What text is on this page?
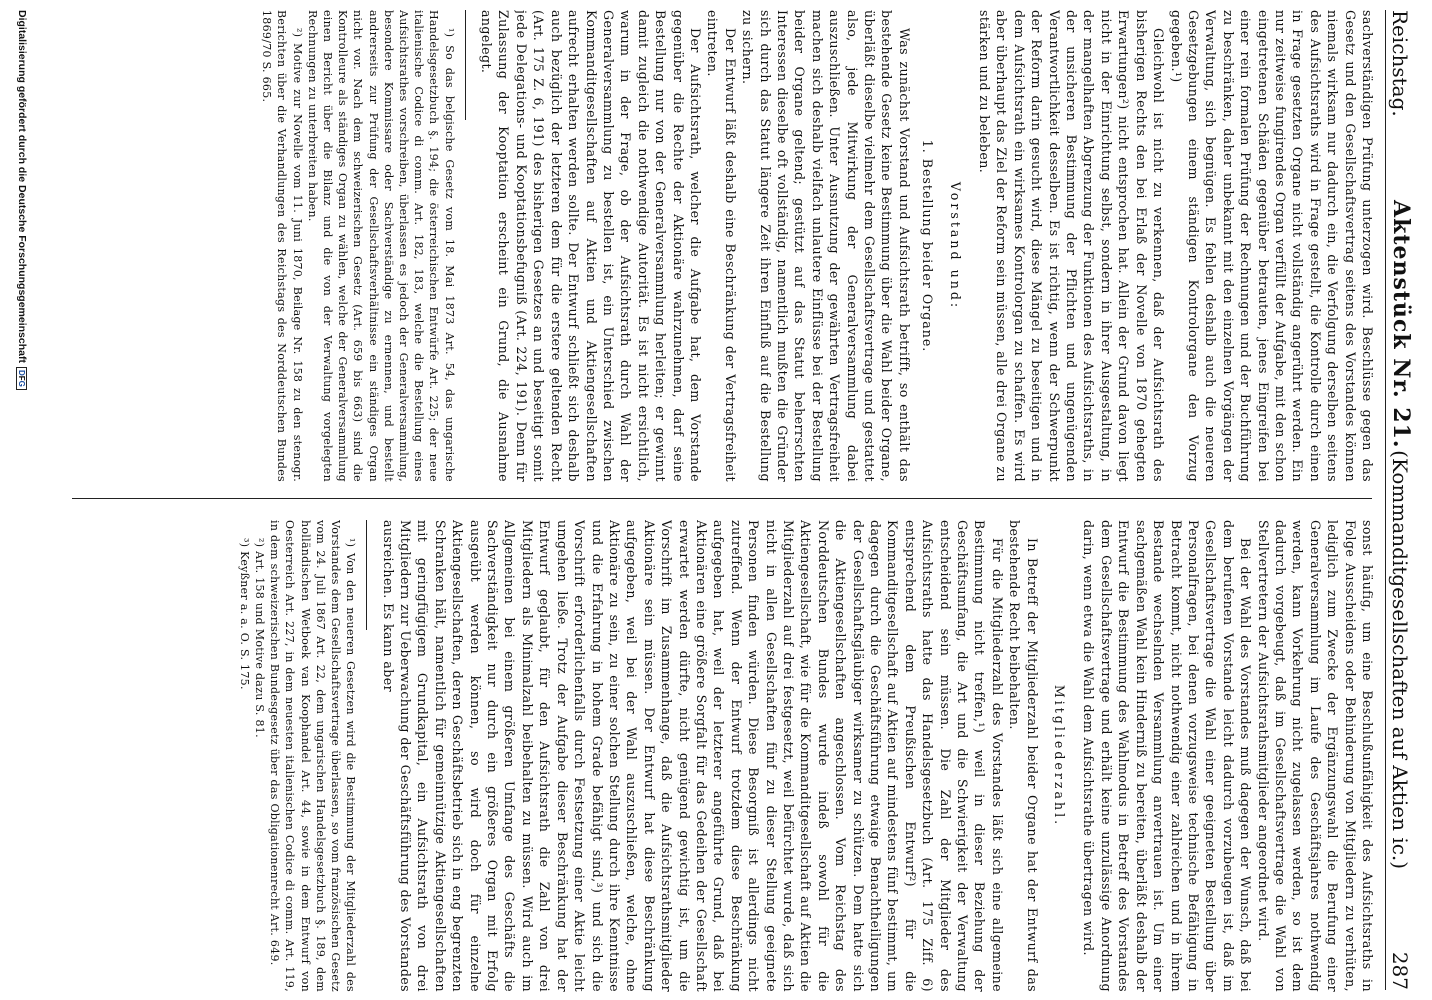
Reichstag.
Aktenstück Nr. 21.
(Kommanditgesellschaften auf Aktien ic.)  287

sachverständigen Prüfung unterzogen wird. Beschlüsse gegen das Gesetz und den Gesellschaftsvertrag seitens des Vorstandes können niemals wirksam nur dadurch ein, die Verfolgung derselben seitens des Aufsichtsraths wird in Frage gestellt, die Kontrolle durch einen in Frage gesetzten Organe nicht vollständig angerührt werden. Ein nur zeitweise fungirendes Organ verfüllt der Aufgabe, mit den schon eingetretenen Schäden gegenüber betrauten, jenes Eingreifen bei einer rein formalen Prüfung der Rechnungen und der Buchführung zu beschränken, daher unbekannt mit den einzelnen Vorgängen der Verwaltung, sich begnügen. Es fehlen deshalb auch die neueren Gesetzgebungen einem ständigen Kontrolorgane den Vorzug gegeben.¹)

Gleichwohl ist nicht zu verkennen, daß der Aufsichtsrath des bisherigen Rechts den bei Erlaß der Novelle von 1870 gehegten Erwartungen²) nicht entsprochen hat. Allein der Grund davon liegt nicht in der Einrichtung selbst, sondern in ihrer Ausgestaltung, in der mangelhaften Abgrenzung der Funktionen des Aufsichtsraths, in der unsicheren Bestimmung der Pflichten und ungenügenden Verantwortlichkeit desselben. Es ist richtig, wenn der Schwerpunkt der Reform darin gesucht wird, diese Mängel zu beseitigen und in dem Aufsichtsrath ein wirksames Kontrolorgan zu schaffen. Es wird aber überhaupt das Ziel der Reform sein müssen, alle drei Organe zu stärken und zu beleben.

Vorstand und:

1. Bestellung beider Organe.

Was zunächst Vorstand und Aufsichtsrath betrifft, so enthält das bestehende Gesetz keine Bestimmung über die Wahl beider Organe, überläßt dieselbe vielmehr dem Gesellschaftsvertrage und gestattet also, jede Mitwirkung der Generalversammlung dabei auszuschließen. Unter Ausnutzung der gewährten Vertragsfreiheit machen sich deshalb vielfach unlautere Einflüsse bei der Bestellung beider Organe geltend; gestützt auf das Statut beherrschten Interessen dieselbe oft vollständig, namentlich mußten die Gründer sich durch das Statut längere Zeit ihren Einfluß auf die Bestellung zu sichern.

Der Entwurf läßt deshalb eine Beschränkung der Vertragsfreiheit eintreten.

Der Aufsichtsrath, welcher die Aufgabe hat, dem Vorstande gegenüber die Rechte der Aktionäre wahrzunehmen, darf seine Bestellung nur von der Generalversammlung herleiten; er gewinnt damit zugleich die nothwendige Autorität. Es ist nicht ersichtlich, warum in der Frage, ob der Aufsichtsrath durch Wahl der Generalversammlung zu bestellen ist, ein Unterschied zwischen Kommanditgesellschaften auf Aktien und Aktiengesellschaften aufrecht erhalten werden sollte. Der Entwurf schließt sich deshalb auch bezüglich der letzteren dem für die erstere geltenden Recht (Art. 175 Z. 6, 191) des bisherigen Gesetzes an und beseitigt somit jede Delegations- und Kooptationsbefugniß (Art. 224, 191). Denn für Zulassung der Kooptation erscheint ein Grund, die Ausnahme angelegt.

¹) So das belgische Gesetz vom 18. Mai 1873 Art. 54, das ungarische Handelsgesetzbuch §. 194; die österreichischen Entwürfe Art. 225; der neue italienische Codice di comm. Art. 182, 183, welche die Bestellung eines Aufsichtsrathes vorschreiben, überlassen es jedoch der Generalversammlung, besondere Kommissare oder Sachverständige zu ernennen, und bestellt andrerseits zur Prüfung der Gesellschaftsverhältnisse ein ständiges Organ nicht vor. Nach dem schweizerischen Gesetz (Art. 659 bis 663) sind die Kontrolleure als ständiges Organ zu wählen, welche der Generalversammlung einen Bericht über die Bilanz und die von der Verwaltung vorgelegten Rechnungen zu unterbreiten haben.

²) Motive zur Novelle vom 11. Juni 1870, Beilage Nr. 158 zu den stenogr. Berichten über die Verhandlungen des Reichstags des Norddeutschen Bundes 1869/70 S. 665.

sonst häufig, um eine Beschlußunfähigkeit des Aufsichtsraths in Folge Ausscheidens oder Behinderung von Mitgliedern zu verhüten, lediglich zum Zwecke der Ergänzungswahl die Berufung einer Generalversammlung im Laufe des Geschäftsjahres nothwendig werden, kann Vorkehrung nicht zugelassen werden, so ist dem dadurch vorgebeugt, daß im Gesellschaftsvertrage die Wahl von Stellvertretern der Aufsichtsrathsmitglieder angeordnet wird.

Bei der Wahl des Vorstandes muß dagegen der Wunsch, daß bei dem berufenen Vorstande leicht dadurch vorzubeugen ist, daß im Gesellschaftsvertrage die Wahl einer geeigneten Bestellung über Personalfragen, bei denen vorzugsweise technische Befähigung in Betracht kommt, nicht nothwendig einer zahlreichen und in ihrem Bestande wechselnden Versammlung anvertrauen ist. Um einer sachgemäßen Wahl kein Hinderniß zu bereiten, überläßt deshalb der Entwurf die Bestimmung des Wahlmodus in Betreff des Vorstandes dem Gesellschaftsvertrage und erhält keine unzulässige Anordnung darin, wenn etwa die Wahl dem Aufsichtsrathe übertragen wird.

Mitgliederzahl.

In Betreff der Mitgliederzahl beider Organe hat der Entwurf das bestehende Recht beibehalten.

Für die Mitgliederzahl des Vorstandes läßt sich eine allgemeine Bestimmung nicht treffen,¹) weil in dieser Beziehung der Geschäftsumfang, die Art und die Schwierigkeit der Verwaltung entscheidend sein müssen. Die Zahl der Mitglieder des Aufsichtsraths hatte das Handelsgesetzbuch (Art. 175 Ziff. 6) entsprechend dem Preußischen Entwurf²) für die Kommanditgesellschaft auf Aktien auf mindestens fünf bestimmt, um dagegen durch die Geschäftsführung etwaige Benachtheiligungen der Gesellschaftsgläubiger wirksamer zu schützen. Dem hatte sich die Aktiengesellschaften angeschlossen. Vom Reichstag des Norddeutschen Bundes wurde indeß sowohl für die Aktiengesellschaft, wie für die Kommanditgesellschaft auf Aktien die Mitgliederzahl auf drei festgesetzt, weil befürchtet wurde, daß sich nicht in allen Gesellschaften fünf zu dieser Stellung geeignete Personen finden würden. Diese Besorgniß ist allerdings nicht zutreffend. Wenn der Entwurf trotzdem diese Beschränkung aufgegeben hat, weil der letzterer angeführte Grund, daß bei Aktionären eine größere Sorgfalt für das Gedeihen der Gesellschaft erwartet werden dürfte, nicht genügend gewichtig ist, um die Vorschrift im Zusammenhange, daß die Aufsichtsrathsmitglieder Aktionäre sein müssen. Der Entwurf hat diese Beschränkung aufgegeben, weil bei der Wahl auszuschließen, welche, ohne Aktionäre zu sein, zu einer solchen Stellung durch ihre Kenntnisse und die Erfahrung in hohem Grade befähigt sind,³) und sich die Vorschrift erforderlichenfalls durch Festsetzung einer Aktie leicht umgehen ließe. Trotz der Aufgabe dieser Beschränkung hat der Entwurf geglaubt, für den Aufsichtsrath die Zahl von drei Mitgliedern als Minimalzahl beibehalten zu müssen. Wird auch im Allgemeinen bei einem größeren Umfange des Geschäfts die Sachverständigkeit nur durch ein größeres Organ mit Erfolg ausgeübt werden können, so wird doch für einzelne Aktiengesellschaften, deren Geschäftsbetrieb sich in eng begrenzten Schranken hält, namentlich für gemeinnützige Aktiengesellschaften mit geringfügigem Grundkapital, ein Aufsichtsrath von drei Mitgliedern zur Ueberwachung der Geschäftsführung des Vorstandes ausreichen. Es kann aber

¹) Von den neueren Gesetzen wird die Bestimmung der Mitgliederzahl des Vorstandes dem Gesellschaftsvertrage überlassen, so vom französischen Gesetz vom 24. Juli 1867 Art. 22, dem ungarischen Handelsgesetzbuch §. 189, dem holländischen Wetboek van Koophandel Art. 44, sowie in dem Entwurf von Oesterreich Art. 227, in dem neuesten italienischen Codice di comm. Art. 119, in dem schweizerischen Bundesgesetz über das Obligationenrecht Art. 649.

²) Art. 158 und Motive dazu S. 81.

³) Keyßner a. a. O. S. 175.

Digitalisierung gefördert durch die Deutsche Forschungsgemeinschaft
D
F
G
